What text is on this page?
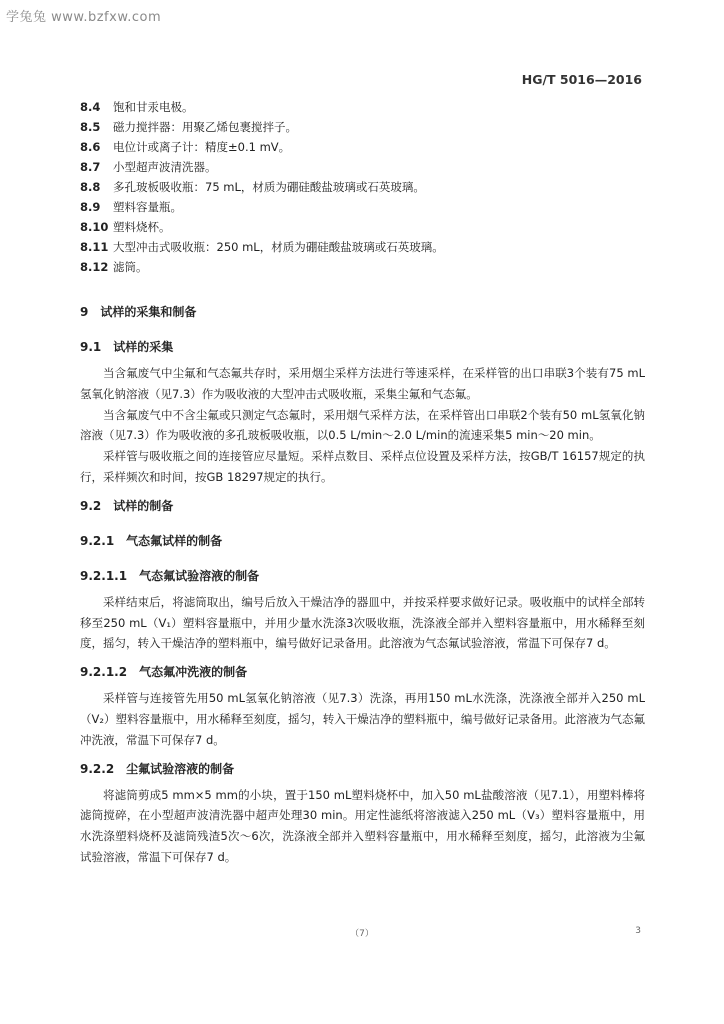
学兔兔 www.bzfxw.com
HG/T 5016—2016
8.4 饱和甘汞电极。
8.5 磁力搅拌器：用聚乙烯包裹搅拌子。
8.6 电位计或离子计：精度±0.1 mV。
8.7 小型超声波清洗器。
8.8 多孔玻板吸收瓶：75 mL，材质为硼硅酸盐玻璃或石英玻璃。
8.9 塑料容量瓶。
8.10 塑料烧杯。
8.11 大型冲击式吸收瓶：250 mL，材质为硼硅酸盐玻璃或石英玻璃。
8.12 滤筒。
9　试样的采集和制备
9.1　试样的采集

当含氟废气中尘氟和气态氟共存时，采用烟尘采样方法进行等速采样，在采样管的出口串联3个装有75 mL氢氧化钠溶液（见7.3）作为吸收液的大型冲击式吸收瓶，采集尘氟和气态氟。

当含氟废气中不含尘氟或只测定气态氟时，采用烟气采样方法，在采样管出口串联2个装有50 mL氢氧化钠溶液（见7.3）作为吸收液的多孔玻板吸收瓶，以0.5 L/min～2.0 L/min的流速采集5 min～20 min。

采样管与吸收瓶之间的连接管应尽量短。采样点数目、采样点位设置及采样方法，按GB/T 16157规定的执行，采样频次和时间，按GB 18297规定的执行。

9.2　试样的制备
9.2.1　气态氟试样的制备
9.2.1.1　气态氟试验溶液的制备

采样结束后，将滤筒取出，编号后放入干燥洁净的器皿中，并按采样要求做好记录。吸收瓶中的试样全部转移至250 mL（V₁）塑料容量瓶中，并用少量水洗涤3次吸收瓶，洗涤液全部并入塑料容量瓶中，用水稀释至刻度，摇匀，转入干燥洁净的塑料瓶中，编号做好记录备用。此溶液为气态氟试验溶液，常温下可保存7 d。

9.2.1.2　气态氟冲洗液的制备

采样管与连接管先用50 mL氢氧化钠溶液（见7.3）洗涤，再用150 mL水洗涤，洗涤液全部并入250 mL（V₂）塑料容量瓶中，用水稀释至刻度，摇匀，转入干燥洁净的塑料瓶中，编号做好记录备用。此溶液为气态氟冲洗液，常温下可保存7 d。

9.2.2　尘氟试验溶液的制备

将滤筒剪成5 mm×5 mm的小块，置于150 mL塑料烧杯中，加入50 mL盐酸溶液（见7.1），用塑料棒将滤筒搅碎，在小型超声波清洗器中超声处理30 min。用定性滤纸将溶液滤入250 mL（V₃）塑料容量瓶中，用水洗涤塑料烧杯及滤筒残渣5次～6次，洗涤液全部并入塑料容量瓶中，用水稀释至刻度，摇匀，此溶液为尘氟试验溶液，常温下可保存7 d。

（7）	3
